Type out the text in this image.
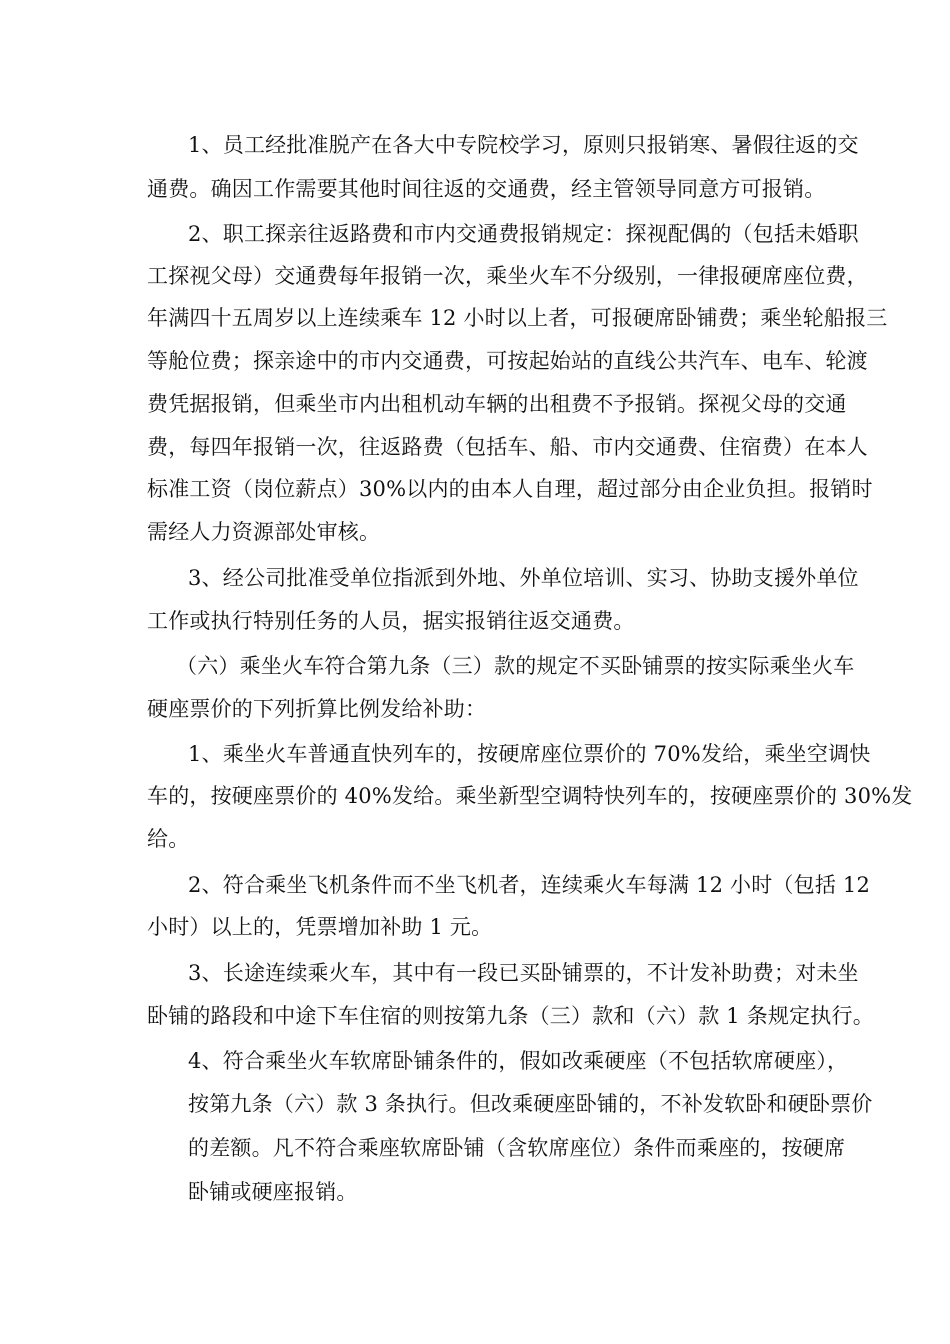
1、员工经批准脱产在各大中专院校学习，原则只报销寒、暑假往返的交
通费。确因工作需要其他时间往返的交通费，经主管领导同意方可报销。
2、职工探亲往返路费和市内交通费报销规定：探视配偶的（包括未婚职
工探视父母）交通费每年报销一次，乘坐火车不分级别，一律报硬席座位费，
年满四十五周岁以上连续乘车 12 小时以上者，可报硬席卧铺费；乘坐轮船报三
等舱位费；探亲途中的市内交通费，可按起始站的直线公共汽车、电车、轮渡
费凭据报销，但乘坐市内出租机动车辆的出租费不予报销。探视父母的交通
费，每四年报销一次，往返路费（包括车、船、市内交通费、住宿费）在本人
标准工资（岗位薪点）30%以内的由本人自理，超过部分由企业负担。报销时
需经人力资源部处审核。
3、经公司批准受单位指派到外地、外单位培训、实习、协助支援外单位
工作或执行特别任务的人员，据实报销往返交通费。
（六）乘坐火车符合第九条（三）款的规定不买卧铺票的按实际乘坐火车
硬座票价的下列折算比例发给补助：
1、乘坐火车普通直快列车的，按硬席座位票价的 70%发给，乘坐空调快
车的，按硬座票价的 40%发给。乘坐新型空调特快列车的，按硬座票价的 30%发
给。
2、符合乘坐飞机条件而不坐飞机者，连续乘火车每满 12 小时（包括 12
小时）以上的，凭票增加补助 1 元。
3、长途连续乘火车，其中有一段已买卧铺票的，不计发补助费；对未坐
卧铺的路段和中途下车住宿的则按第九条（三）款和（六）款 1 条规定执行。
4、符合乘坐火车软席卧铺条件的，假如改乘硬座（不包括软席硬座），
按第九条（六）款 3 条执行。但改乘硬座卧铺的，不补发软卧和硬卧票价
的差额。凡不符合乘座软席卧铺（含软席座位）条件而乘座的，按硬席
卧铺或硬座报销。
